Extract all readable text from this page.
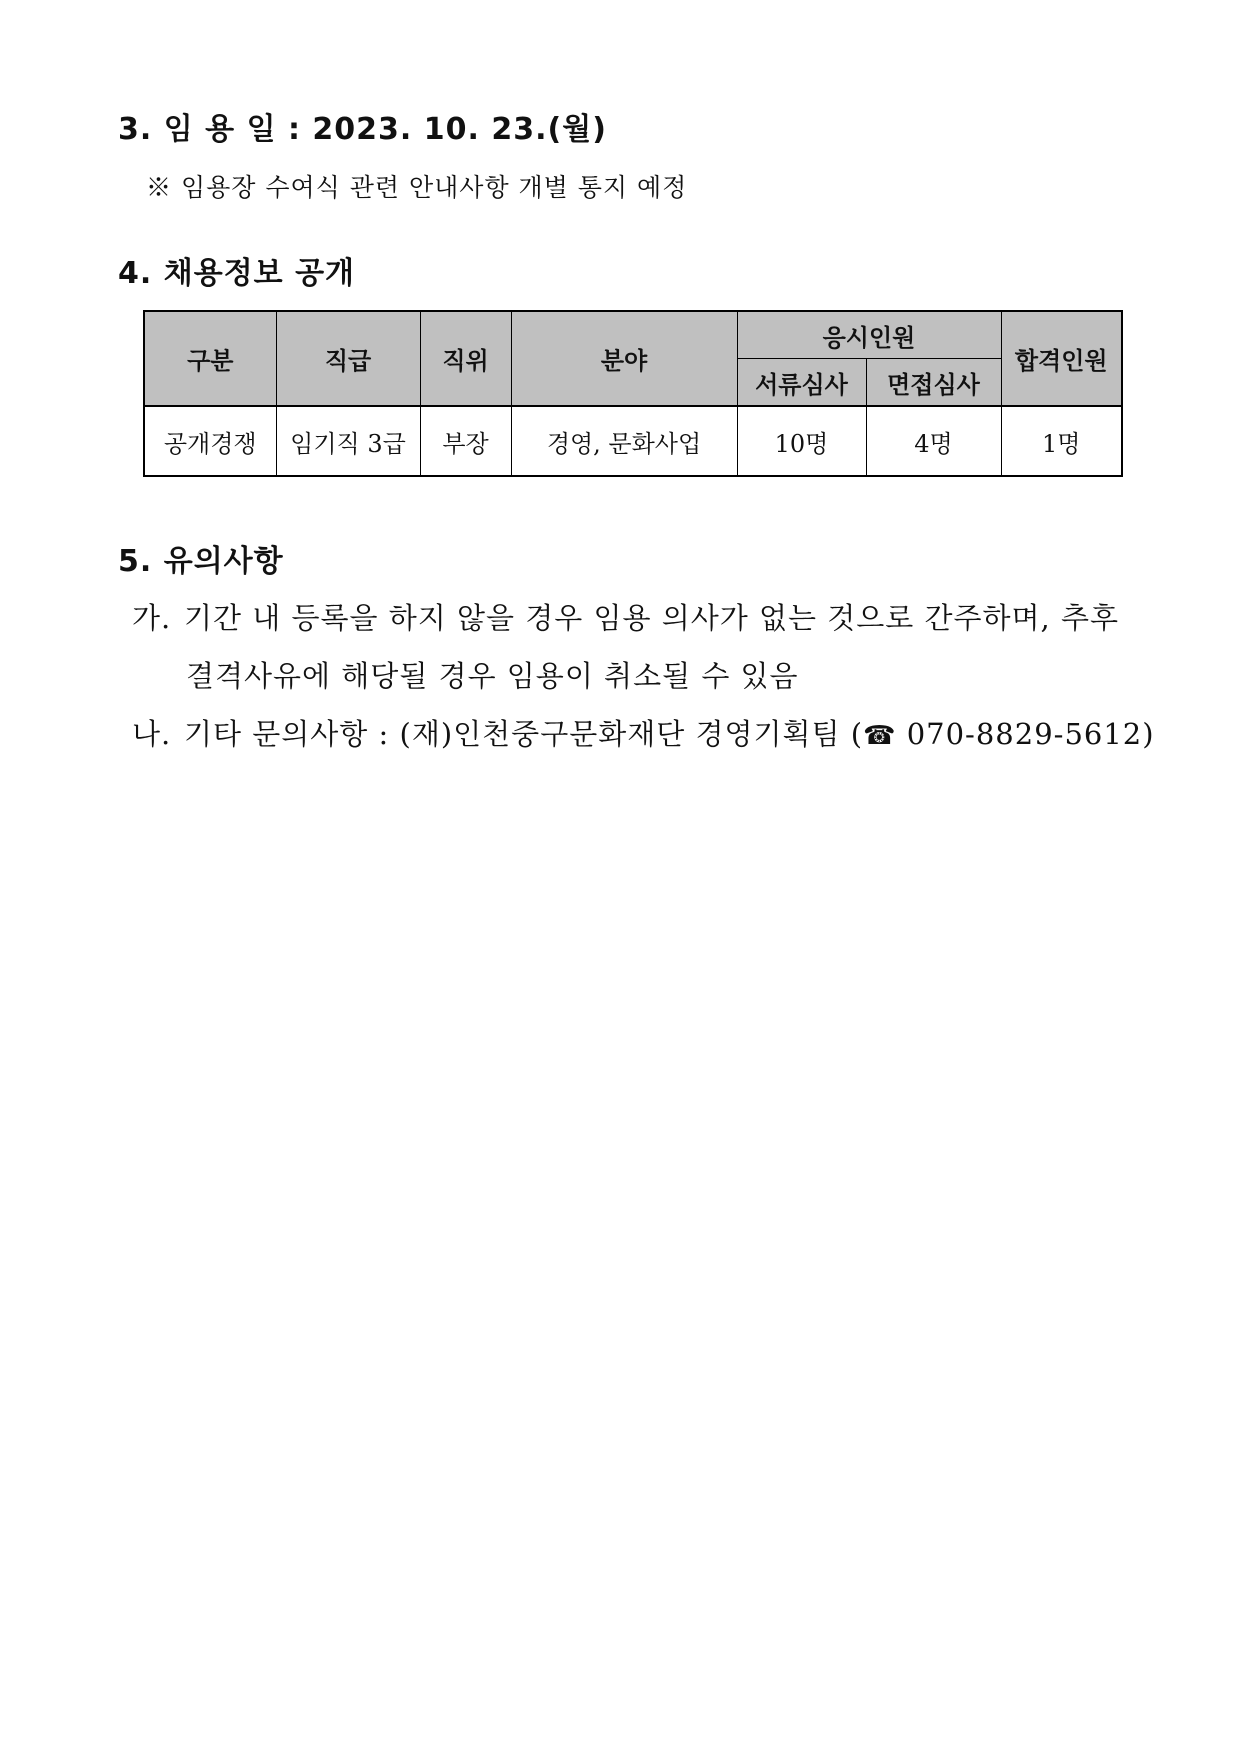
3. 임 용 일 : 2023. 10. 23.(월)
※ 임용장 수여식 관련 안내사항 개별 통지 예정
4. 채용정보 공개
구분	직급	직위	분야	응시인원		합격인원
				서류심사	면접심사	
공개경쟁	임기직 3급	부장	경영, 문화사업	10명	4명	1명
5. 유의사항
가. 기간 내 등록을 하지 않을 경우 임용 의사가 없는 것으로 간주하며, 추후
결격사유에 해당될 경우 임용이 취소될 수 있음
나. 기타 문의사항 : (재)인천중구문화재단 경영기획팀 (☎ 070-8829-5612)
